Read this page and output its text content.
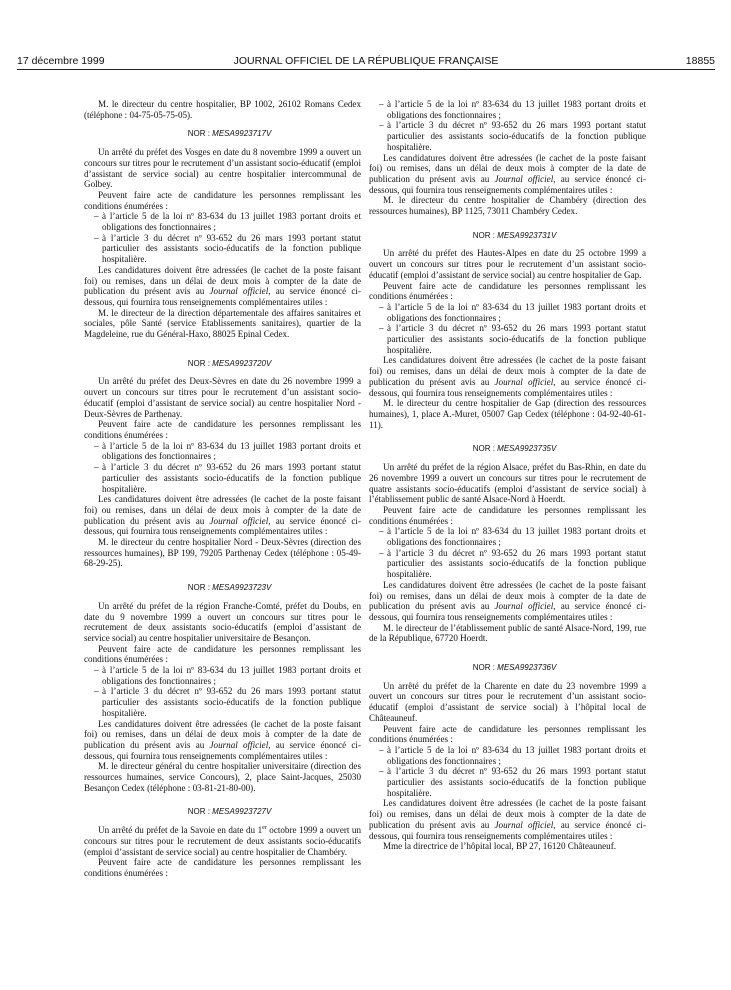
17 décembre 1999	JOURNAL OFFICIEL DE LA RÉPUBLIQUE FRANÇAISE	18855

M. le directeur du centre hospitalier, BP 1002, 26102 Romans Cedex (téléphone : 04-75-05-75-05).

NOR : MESA9923717V

Un arrêté du préfet des Vosges en date du 8 novembre 1999 a ouvert un concours sur titres pour le recrutement d’un assistant socio-éducatif (emploi d’assistant de service social) au centre hospitalier intercommunal de Golbey.

Peuvent faire acte de candidature les personnes remplissant les conditions énumérées :

– à l’article 5 de la loi nº 83-634 du 13 juillet 1983 portant droits et obligations des fonctionnaires ;
– à l’article 3 du décret nº 93-652 du 26 mars 1993 portant statut particulier des assistants socio-éducatifs de la fonction publique hospitalière.

Les candidatures doivent être adressées (le cachet de la poste faisant foi) ou remises, dans un délai de deux mois à compter de la date de publication du présent avis au Journal officiel, au service énoncé ci-dessous, qui fournira tous renseignements complémentaires utiles :

M. le directeur de la direction départementale des affaires sanitaires et sociales, pôle Santé (service Etablissements sanitaires), quartier de la Magdeleine, rue du Général-Haxo, 88025 Epinal Cedex.

NOR : MESA9923720V

Un arrêté du préfet des Deux-Sèvres en date du 26 novembre 1999 a ouvert un concours sur titres pour le recrutement d’un assistant socio-éducatif (emploi d’assistant de service social) au centre hospitalier Nord - Deux-Sèvres de Parthenay.

Peuvent faire acte de candidature les personnes remplissant les conditions énumérées :

– à l’article 5 de la loi nº 83-634 du 13 juillet 1983 portant droits et obligations des fonctionnaires ;
– à l’article 3 du décret nº 93-652 du 26 mars 1993 portant statut particulier des assistants socio-éducatifs de la fonction publique hospitalière.

Les candidatures doivent être adressées (le cachet de la poste faisant foi) ou remises, dans un délai de deux mois à compter de la date de publication du présent avis au Journal officiel, au service énoncé ci-dessous, qui fournira tous renseignements complémentaires utiles :

M. le directeur du centre hospitalier Nord - Deux-Sèvres (direction des ressources humaines), BP 199, 79205 Parthenay Cedex (téléphone : 05-49-68-29-25).

NOR : MESA9923723V

Un arrêté du préfet de la région Franche-Comté, préfet du Doubs, en date du 9 novembre 1999 a ouvert un concours sur titres pour le recrutement de deux assistants socio-éducatifs (emploi d’assistant de service social) au centre hospitalier universitaire de Besançon.

Peuvent faire acte de candidature les personnes remplissant les conditions énumérées :

– à l’article 5 de la loi nº 83-634 du 13 juillet 1983 portant droits et obligations des fonctionnaires ;
– à l’article 3 du décret nº 93-652 du 26 mars 1993 portant statut particulier des assistants socio-éducatifs de la fonction publique hospitalière.

Les candidatures doivent être adressées (le cachet de la poste faisant foi) ou remises, dans un délai de deux mois à compter de la date de publication du présent avis au Journal officiel, au service énoncé ci-dessous, qui fournira tous renseignements complémentaires utiles :

M. le directeur général du centre hospitalier universitaire (direction des ressources humaines, service Concours), 2, place Saint-Jacques, 25030 Besançon Cedex (téléphone : 03-81-21-80-00).

NOR : MESA9923727V

Un arrêté du préfet de la Savoie en date du 1er octobre 1999 a ouvert un concours sur titres pour le recrutement de deux assistants socio-éducatifs (emploi d’assistant de service social) au centre hospitalier de Chambéry.

Peuvent faire acte de candidature les personnes remplissant les conditions énumérées :

– à l’article 5 de la loi nº 83-634 du 13 juillet 1983 portant droits et obligations des fonctionnaires ;
– à l’article 3 du décret nº 93-652 du 26 mars 1993 portant statut particulier des assistants socio-éducatifs de la fonction publique hospitalière.

Les candidatures doivent être adressées (le cachet de la poste faisant foi) ou remises, dans un délai de deux mois à compter de la date de publication du présent avis au Journal officiel, au service énoncé ci-dessous, qui fournira tous renseignements complémentaires utiles :

M. le directeur du centre hospitalier de Chambéry (direction des ressources humaines), BP 1125, 73011 Chambéry Cedex.

NOR : MESA9923731V

Un arrêté du préfet des Hautes-Alpes en date du 25 octobre 1999 a ouvert un concours sur titres pour le recrutement d’un assistant socio-éducatif (emploi d’assistant de service social) au centre hospitalier de Gap.

Peuvent faire acte de candidature les personnes remplissant les conditions énumérées :

– à l’article 5 de la loi nº 83-634 du 13 juillet 1983 portant droits et obligations des fonctionnaires ;
– à l’article 3 du décret nº 93-652 du 26 mars 1993 portant statut particulier des assistants socio-éducatifs de la fonction publique hospitalière.

Les candidatures doivent être adressées (le cachet de la poste faisant foi) ou remises, dans un délai de deux mois à compter de la date de publication du présent avis au Journal officiel, au service énoncé ci-dessous, qui fournira tous renseignements complémentaires utiles :

M. le directeur du centre hospitalier de Gap (direction des ressources humaines), 1, place A.-Muret, 05007 Gap Cedex (téléphone : 04-92-40-61-11).

NOR : MESA9923735V

Un arrêté du préfet de la région Alsace, préfet du Bas-Rhin, en date du 26 novembre 1999 a ouvert un concours sur titres pour le recrutement de quatre assistants socio-éducatifs (emploi d’assistant de service social) à l’établissement public de santé Alsace-Nord à Hoerdt.

Peuvent faire acte de candidature les personnes remplissant les conditions énumérées :

– à l’article 5 de la loi nº 83-634 du 13 juillet 1983 portant droits et obligations des fonctionnaires ;
– à l’article 3 du décret nº 93-652 du 26 mars 1993 portant statut particulier des assistants socio-éducatifs de la fonction publique hospitalière.

Les candidatures doivent être adressées (le cachet de la poste faisant foi) ou remises, dans un délai de deux mois à compter de la date de publication du présent avis au Journal officiel, au service énoncé ci-dessous, qui fournira tous renseignements complémentaires utiles :

M. le directeur de l’établissement public de santé Alsace-Nord, 199, rue de la République, 67720 Hoerdt.

NOR : MESA9923736V

Un arrêté du préfet de la Charente en date du 23 novembre 1999 a ouvert un concours sur titres pour le recrutement d’un assistant socio-éducatif (emploi d’assistant de service social) à l’hôpital local de Châteauneuf.

Peuvent faire acte de candidature les personnes remplissant les conditions énumérées :

– à l’article 5 de la loi nº 83-634 du 13 juillet 1983 portant droits et obligations des fonctionnaires ;
– à l’article 3 du décret nº 93-652 du 26 mars 1993 portant statut particulier des assistants socio-éducatifs de la fonction publique hospitalière.

Les candidatures doivent être adressées (le cachet de la poste faisant foi) ou remises, dans un délai de deux mois à compter de la date de publication du présent avis au Journal officiel, au service énoncé ci-dessous, qui fournira tous renseignements complémentaires utiles :

Mme la directrice de l’hôpital local, BP 27, 16120 Châteauneuf.
